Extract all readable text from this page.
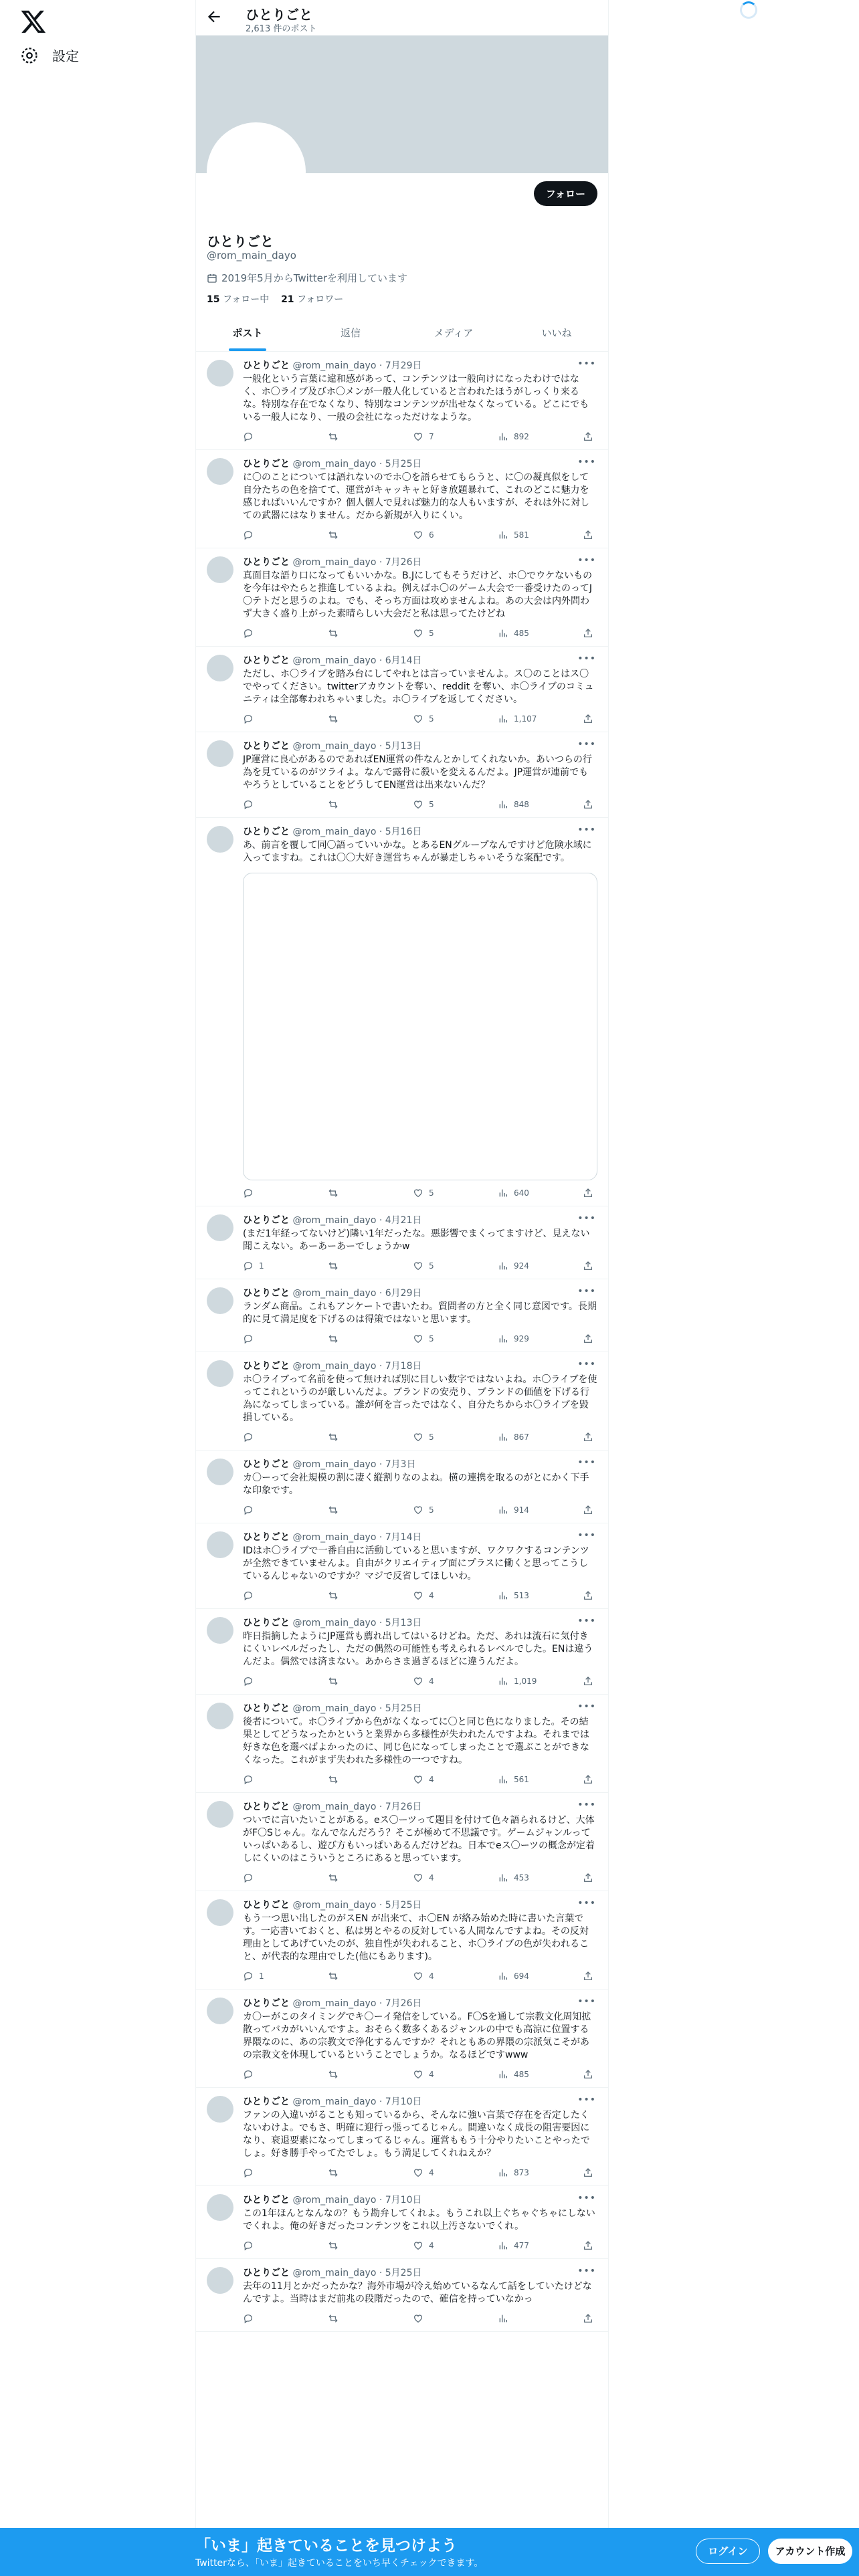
設定
ひとりごと
2,613 件のポスト
フォロー
ひとりごと
@rom_main_dayo
2019年5月からTwitterを利用しています
15 フォロー中 21 フォロワー
ポスト	返信	メディア	いいね
•••
ひとりごと @rom_main_dayo · 7月29日
一般化という言葉に違和感があって、コンテンツは一般向けになったわけではなく、ホ〇ライブ及びホ〇メンが一般人化していると言われたほうがしっくり来るな。特別な存在でなくなり、特別なコンテンツが出せなくなっている。どこにでもいる一般人になり、一般の会社になっただけなような。
7	892
•••
ひとりごと @rom_main_dayo · 5月25日
に〇のことについては語れないのでホ〇を語らせてもらうと、に〇の凝真似をして自分たちの色を捨てて、運営がキャッキャと好き放題暴れて、これのどこに魅力を感じればいいんですか？個人個人で見れば魅力的な人もいますが、それは外に対しての武器にはなりません。だから新規が入りにくい。
6	581
•••
ひとりごと @rom_main_dayo · 7月26日
真面目な語り口になってもいいかな。B.Jにしてもそうだけど、ホ〇でウケないものを今年はやたらと推進しているよね。例えばホ〇のゲーム大会で一番受けたのってJ〇テトだと思うのよね。でも、そっち方面は攻めませんよね。あの大会は内外問わず大きく盛り上がった素晴らしい大会だと私は思ってたけどね
5	485
•••
ひとりごと @rom_main_dayo · 6月14日
ただし、ホ〇ライブを踏み台にしてやれとは言っていませんよ。ス〇のことはス〇でやってください。twitterアカウントを奪い、reddit を奪い、ホ〇ライブのコミュニティは全部奪われちゃいました。ホ〇ライブを返してください。
5	1,107
•••
ひとりごと @rom_main_dayo · 5月13日
JP運営に良心があるのであればEN運営の件なんとかしてくれないか。あいつらの行為を見ているのがツライよ。なんで露骨に殺いを変えるんだよ。JP運営が連前でもやろうとしていることをどうしてEN運営は出来ないんだ？
5	848
•••
ひとりごと @rom_main_dayo · 5月16日
あ、前言を覆して同〇語っていいかな。とあるENグループなんですけど危険水域に入ってますね。これは〇〇大好き運営ちゃんが暴走しちゃいそうな案配です。
5	640
•••
ひとりごと @rom_main_dayo · 4月21日
(まだ1年経ってないけど)隣い1年だったな。悪影響でまくってますけど、見えない聞こえない。あーあーあーでしょうかw
1	5	924
•••
ひとりごと @rom_main_dayo · 6月29日
ランダム商品。これもアンケートで書いたわ。質問者の方と全く同じ意図です。長期的に見て満足度を下げるのは得策ではないと思います。
5	929
•••
ひとりごと @rom_main_dayo · 7月18日
ホ〇ライブって名前を使って無ければ別に目しい数字ではないよね。ホ〇ライブを使ってこれというのが厳しいんだよ。ブランドの安売り、ブランドの価値を下げる行為になってしまっている。誰が何を言ったではなく、自分たちからホ〇ライブを毀損している。
5	867
•••
ひとりごと @rom_main_dayo · 7月3日
カ〇ーって会社規模の割に凄く縦割りなのよね。横の連携を取るのがとにかく下手な印象です。
5	914
•••
ひとりごと @rom_main_dayo · 7月14日
IDはホ〇ライブで一番自由に活動していると思いますが、ワクワクするコンテンツが全然できていませんよ。自由がクリエイティブ面にプラスに働くと思ってこうしているんじゃないのですか？マジで反省してほしいわ。
4	513
•••
ひとりごと @rom_main_dayo · 5月13日
昨日指摘したようにJP運営も薦れ出してはいるけどね。ただ、あれは流石に気付きにくいレベルだったし、ただの偶然の可能性も考えられるレベルでした。ENは違うんだよ。偶然では済まない。あからさま過ぎるほどに違うんだよ。
4	1,019
•••
ひとりごと @rom_main_dayo · 5月25日
後者について。ホ〇ライブから色がなくなってに〇と同じ色になりました。その結果としてどうなったかというと業界から多様性が失われたんですよね。それまでは好きな色を選べばよかったのに、同じ色になってしまったことで選ぶことができなくなった。これがまず失われた多様性の一つですね。
4	561
•••
ひとりごと @rom_main_dayo · 7月26日
ついでに言いたいことがある。eス〇ーツって題目を付けて色々語られるけど、大体がF〇Sじゃん。なんでなんだろう？そこが極めて不思議です。ゲームジャンルっていっぱいあるし、遊び方もいっぱいあるんだけどね。日本でeス〇ーツの概念が定着しにくいのはこういうところにあると思っています。
4	453
•••
ひとりごと @rom_main_dayo · 5月25日
もう一つ思い出したのがスEN が出来て、ホ〇EN が絡み始めた時に書いた言葉です。一応書いておくと、私は男とやるの反対している人間なんですよね。その反対理由としてあげていたのが、独自性が失われること、ホ〇ライブの色が失われること、が代表的な理由でした(他にもあります)。
1	4	694
•••
ひとりごと @rom_main_dayo · 7月26日
カ〇ーがこのタイミングでキ〇ーイ発信をしている。F〇Sを通して宗教文化周知拡散ってバカがいいんですよ。おそらく数多くあるジャンルの中でも高涼に位置する界隈なのに、あの宗教文で浄化するんですか？それともあの界隈の宗派気こそがあの宗教文を体現しているということでしょうか。なるほどですwww
4	485
•••
ひとりごと @rom_main_dayo · 7月10日
ファンの入違いがることも知っているから、そんなに強い言葉で存在を否定したくないわけよ。でもさ、明確に迎行っ張ってるじゃん。間違いなく成長の阻害要因になり、衰退要素になってしまってるじゃん。運営ももう十分やりたいことやったでしょ。好き勝手やってたでしょ。もう満足してくれねえか？
4	873
•••
ひとりごと @rom_main_dayo · 7月10日
この1年ほんとなんなの？もう勘弁してくれよ。もうこれ以上ぐちゃぐちゃにしないでくれよ。俺の好きだったコンテンツをこれ以上汚さないでくれ。
4	477
•••
ひとりごと @rom_main_dayo · 5月25日
去年の11月とかだったかな？海外市場が冷え始めているなんて話をしていたけどなんですよ。当時はまだ前兆の段階だったので、確信を持っていなかっ
「いま」起きていることを見つけよう
Twitterなら、「いま」起きていることをいち早くチェックできます。
ログイン	アカウント作成
